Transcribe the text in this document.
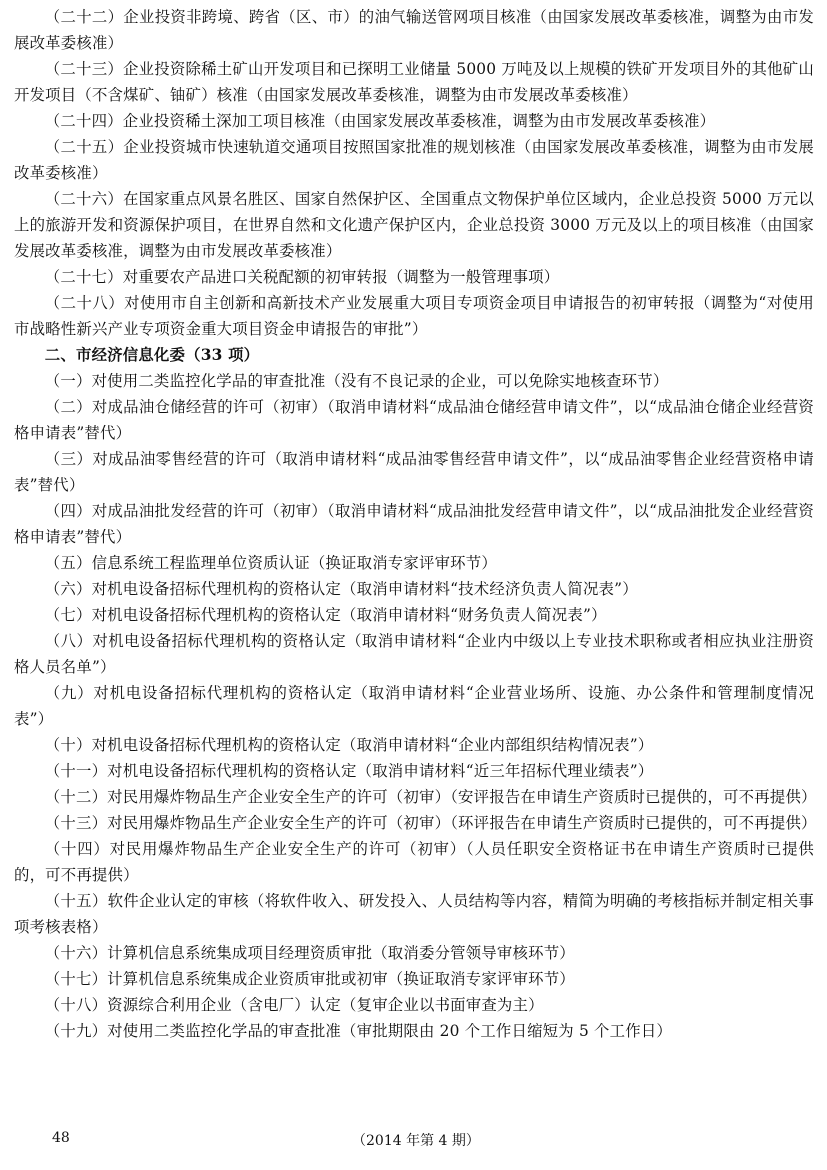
（二十二）企业投资非跨境、跨省（区、市）的油气输送管网项目核准（由国家发展改革委核准，调整为由市发展改革委核准）

（二十三）企业投资除稀土矿山开发项目和已探明工业储量 5000 万吨及以上规模的铁矿开发项目外的其他矿山开发项目（不含煤矿、铀矿）核准（由国家发展改革委核准，调整为由市发展改革委核准）

（二十四）企业投资稀土深加工项目核准（由国家发展改革委核准，调整为由市发展改革委核准）

（二十五）企业投资城市快速轨道交通项目按照国家批准的规划核准（由国家发展改革委核准，调整为由市发展改革委核准）

（二十六）在国家重点风景名胜区、国家自然保护区、全国重点文物保护单位区域内，企业总投资 5000 万元以上的旅游开发和资源保护项目，在世界自然和文化遗产保护区内，企业总投资 3000 万元及以上的项目核准（由国家发展改革委核准，调整为由市发展改革委核准）

（二十七）对重要农产品进口关税配额的初审转报（调整为一般管理事项）

（二十八）对使用市自主创新和高新技术产业发展重大项目专项资金项目申请报告的初审转报（调整为“对使用市战略性新兴产业专项资金重大项目资金申请报告的审批”）

二、市经济信息化委（33 项）

（一）对使用二类监控化学品的审查批准（没有不良记录的企业，可以免除实地核查环节）

（二）对成品油仓储经营的许可（初审）（取消申请材料“成品油仓储经营申请文件”，以“成品油仓储企业经营资格申请表”替代）

（三）对成品油零售经营的许可（取消申请材料“成品油零售经营申请文件”，以“成品油零售企业经营资格申请表”替代）

（四）对成品油批发经营的许可（初审）（取消申请材料“成品油批发经营申请文件”，以“成品油批发企业经营资格申请表”替代）

（五）信息系统工程监理单位资质认证（换证取消专家评审环节）

（六）对机电设备招标代理机构的资格认定（取消申请材料“技术经济负责人简况表”）

（七）对机电设备招标代理机构的资格认定（取消申请材料“财务负责人简况表”）

（八）对机电设备招标代理机构的资格认定（取消申请材料“企业内中级以上专业技术职称或者相应执业注册资格人员名单”）

（九）对机电设备招标代理机构的资格认定（取消申请材料“企业营业场所、设施、办公条件和管理制度情况表”）

（十）对机电设备招标代理机构的资格认定（取消申请材料“企业内部组织结构情况表”）

（十一）对机电设备招标代理机构的资格认定（取消申请材料“近三年招标代理业绩表”）

（十二）对民用爆炸物品生产企业安全生产的许可（初审）（安评报告在申请生产资质时已提供的，可不再提供）

（十三）对民用爆炸物品生产企业安全生产的许可（初审）（环评报告在申请生产资质时已提供的，可不再提供）

（十四）对民用爆炸物品生产企业安全生产的许可（初审）（人员任职安全资格证书在申请生产资质时已提供的，可不再提供）

（十五）软件企业认定的审核（将软件收入、研发投入、人员结构等内容，精简为明确的考核指标并制定相关事项考核表格）

（十六）计算机信息系统集成项目经理资质审批（取消委分管领导审核环节）

（十七）计算机信息系统集成企业资质审批或初审（换证取消专家评审环节）

（十八）资源综合利用企业（含电厂）认定（复审企业以书面审查为主）

（十九）对使用二类监控化学品的审查批准（审批期限由 20 个工作日缩短为 5 个工作日）

48	（2014 年第 4 期）
